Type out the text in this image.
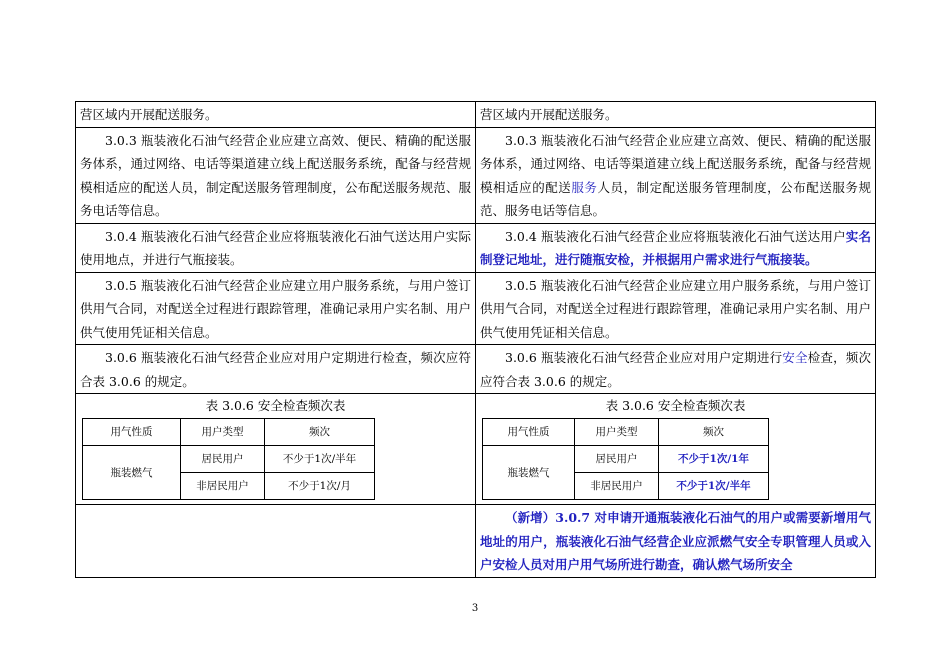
营区域内开展配送服务。	营区域内开展配送服务。
3.0.3 瓶装液化石油气经营企业应建立高效、便民、精确的配送服务体系，通过网络、电话等渠道建立线上配送服务系统，配备与经营规模相适应的配送人员，制定配送服务管理制度，公布配送服务规范、服务电话等信息。	3.0.3 瓶装液化石油气经营企业应建立高效、便民、精确的配送服务体系，通过网络、电话等渠道建立线上配送服务系统，配备与经营规模相适应的配送服务人员，制定配送服务管理制度，公布配送服务规范、服务电话等信息。
3.0.4 瓶装液化石油气经营企业应将瓶装液化石油气送达用户实际使用地点，并进行气瓶接装。	3.0.4 瓶装液化石油气经营企业应将瓶装液化石油气送达用户实名制登记地址，进行随瓶安检，并根据用户需求进行气瓶接装。
3.0.5 瓶装液化石油气经营企业应建立用户服务系统，与用户签订供用气合同，对配送全过程进行跟踪管理，准确记录用户实名制、用户供气使用凭证相关信息。	3.0.5 瓶装液化石油气经营企业应建立用户服务系统，与用户签订供用气合同，对配送全过程进行跟踪管理，准确记录用户实名制、用户供气使用凭证相关信息。
3.0.6 瓶装液化石油气经营企业应对用户定期进行检查，频次应符合表 3.0.6 的规定。	3.0.6 瓶装液化石油气经营企业应对用户定期进行安全检查，频次应符合表 3.0.6 的规定。

表 3.0.6 安全检查频次表
用气性质	用户类型	频次
瓶装燃气	居民用户	不少于1次/半年
非居民用户	不少于1次/月

表 3.0.6 安全检查频次表
用气性质	用户类型	频次
瓶装燃气	居民用户	不少于1次/1年
非居民用户	不少于1次/半年

	（新增）3.0.7 对申请开通瓶装液化石油气的用户或需要新增用气地址的用户，瓶装液化石油气经营企业应派燃气安全专职管理人员或入户安检人员对用户用气场所进行勘查，确认燃气场所安全
3
